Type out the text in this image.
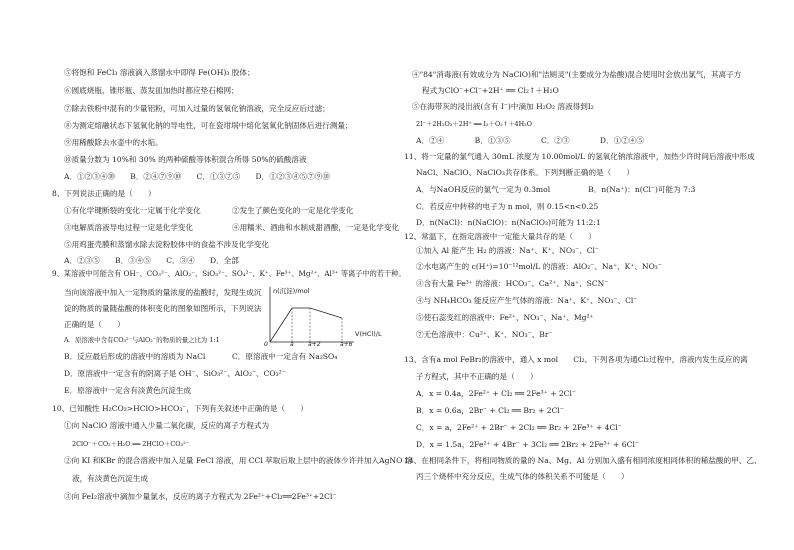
⑤将饱和 FeCl₃ 溶液滴入蒸馏水中即得 Fe(OH)₃ 胶体；
⑥圆底烧瓶、锥形瓶、蒸发皿加热时都应垫石棉网；
⑦除去铁粉中混有的少量铝粉，可加入过量的氢氧化钠溶液，完全反应后过滤；
⑧为测定熔融状态下氢氧化钠的导电性，可在瓷坩埚中熔化氢氧化钠固体后进行测量；
⑨用稀酸除去水壶中的水垢。
⑩质量分数为 10%和 30% 的两种硫酸等体积混合所得 50%的硫酸溶液
A．①②③④⑩　　B．②④⑦⑨⑩　　C．①③⑦⑤　　D．①②③④⑤⑦⑨⑩
8、下列说法正确的是（　　）
①有化学键断裂的变化一定属于化学变化	②发生了颜色变化的一定是化学变化
③电解质溶液导电过程一定是化学变化	④用糯米、酒曲和水制成甜酒酿，一定是化学变化
⑤用鸡蛋壳膜和蒸馏水除去淀粉胶体中的食盐不涉及化学变化
A．②③⑤　　B．③④⑤　　C．③④　　D．全部
9、某溶液中可能含有 OH⁻、CO₃²⁻、AlO₂⁻、SiO₃²⁻、SO₄²⁻、K⁺、Fe³⁺、Mg²⁺、Al³⁺ 等离子中的若干种。
当向该溶液中加入一定物质的量浓度的盐酸时，发现生成沉
淀的物质的量随盐酸的体积变化的图象如图所示，下列说法
正确的是（　　）
A．原溶液中含有CO₃²⁻与AlO₂⁻的物质的量之比为 1:1
B．反应最后形成的溶液中的溶质为 NaCl	C．原溶液中一定含有 Na₂SO₄
D．原溶液中一定含有的阴离子是 OH⁻、SiO₃²⁻、AlO₂⁻、CO₃²⁻
E．原溶液中一定含有淡黄色沉淀生成
10、已知酸性 H₂CO₃>HClO>HCO₃⁻，下列有关叙述中正确的是（　　）
①向 NaClO 溶液中通入少量二氧化碳，反应的离子方程式为
2ClO⁻＋CO₂＋H₂O ══ 2HClO＋CO₃²⁻
②向 KI 和KBr 的混合溶液中加入足量 FeCl 溶液，用 CCl 萃取后取上层中的液体少许并加入AgNO 溶
液，有淡黄色沉淀生成
③向 FeI₂溶液中滴加少量氯水，反应的离子方程式为 2Fe²⁺+Cl₂══2Fe³⁺+2Cl⁻
n(沉淀)/mol
V(HCl)/L
0	a a+2	a+6
④"84"消毒液(有效成分为 NaClO)和"洁厕灵"(主要成分为盐酸)混合使用时会放出氯气，其离子方
程式为ClO⁻+Cl⁻+2H⁺ ══ Cl₂↑＋H₂O
⑤在海带灰的浸出液(含有 I⁻)中滴加 H₂O₂ 溶液得到I₂
2I⁻＋2H₂O₂＋2H⁺ ══ I₂＋O₂↑＋4H₂O
A．②④　　　　B．①③⑤　　　　C．②③　　　　D．①②④⑤
11、将一定量的氯气通入 30mL 浓度为 10.00mol/L 的氢氧化钠浓溶液中，加热少许时间后溶液中形成
NaCl、NaClO、NaClO₃共存体系。下列判断正确的是（　　）
A．与NaOH反应的氯气一定为 0.3mol　　　　　B．n(Na⁺)：n(Cl⁻)可能为 7:3
C．若反应中转移的电子为 n mol，则 0.15<n<0.25
D．n(NaCl)：n(NaClO)：n(NaClO₃)可能为 11:2:1
12、常温下，在指定溶液中一定能大量共存的是（　　）
①加入 Al 能产生 H₂ 的溶液：Na⁺、K⁺、NO₃⁻、Cl⁻
②水电离产生的 c(H⁺)=10⁻¹²mol/L 的溶液：AlO₂⁻、Na⁺、K⁺、NO₃⁻
③含有大量 Fe³⁺ 的溶液：HCO₃⁻、Ca²⁺、Na⁺、SCN⁻
④与 NH₄HCO₃ 能反应产生气体的溶液：Na⁺、K⁺、NO₃⁻、Cl⁻
⑤使石蕊变红的溶液中：Fe²⁺、NO₃⁻、Na⁺、Mg²⁺
⑦无色溶液中：Cu²⁺、K⁺、NO₃⁻、Br⁻
13、含有a mol FeBr₂的溶液中，通入 x mol　　Cl₂。下列各项为通Cl₂过程中，溶液内发生反应的离
子方程式，其中不正确的是（　　）
A．x = 0.4a，2Fe²⁺ + Cl₂ ══ 2Fe³⁺ + 2Cl⁻
B．x = 0.6a，2Br⁻ + Cl₂ ══ Br₂ + 2Cl⁻
C．x = a，2Fe²⁺ + 2Br⁻ + 2Cl₂ ══ Br₂ + 2Fe³⁺ + 4Cl⁻
D．x = 1.5a，2Fe²⁺ + 4Br⁻ + 3Cl₂ ══ 2Br₂ + 2Fe³⁺ + 6Cl⁻
14、在相同条件下，将相同物质的量的 Na、Mg、Al 分别加入盛有相同浓度相同体积的稀盐酸的甲、乙、
丙三个烧杯中充分反应，生成气体的体积关系不可能是（　　）
